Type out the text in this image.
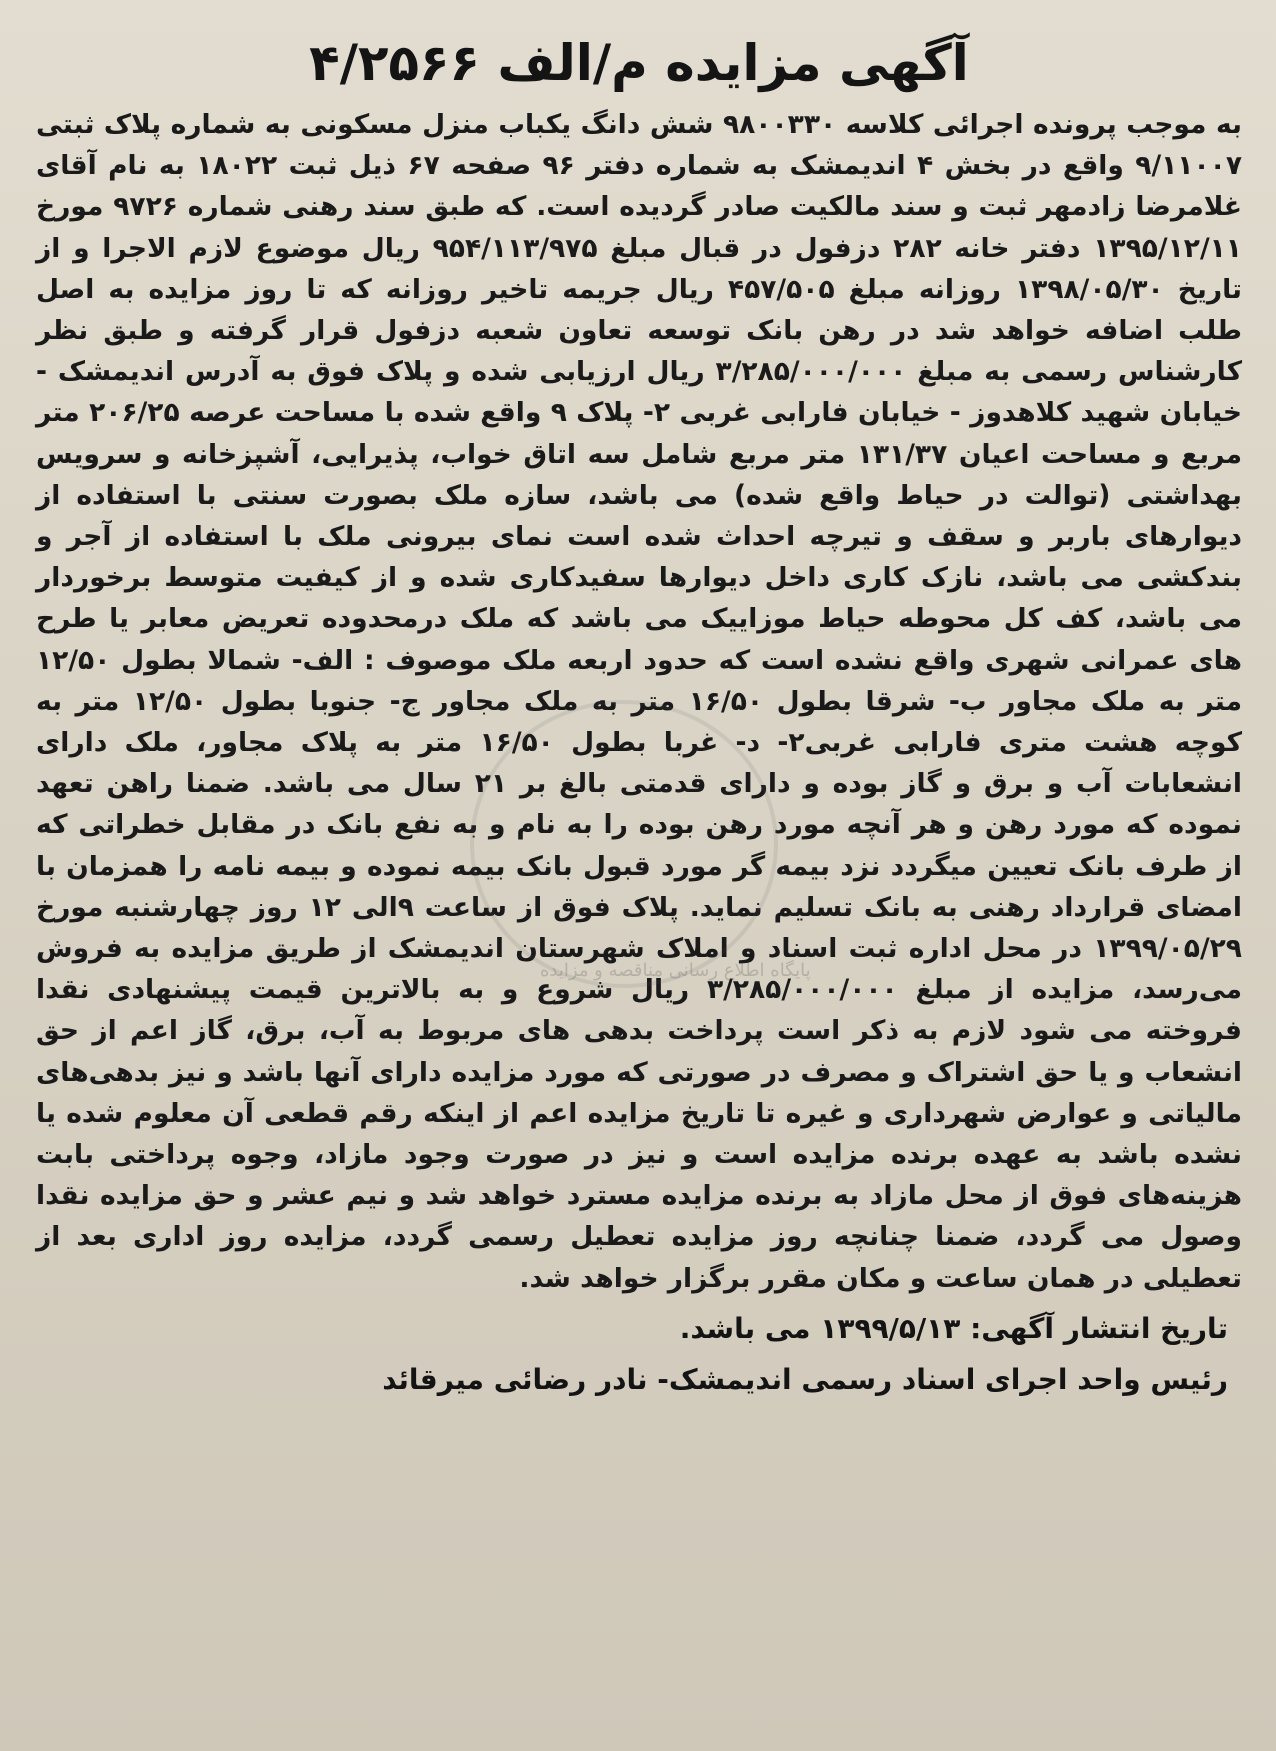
پایگاه اطلاع رسانی مناقصه و مزایده
آگهی مزایده م/الف ۴/۲۵۶۶

به موجب پرونده اجرائی کلاسه ۹۸۰۰۳۳۰ شش دانگ یکباب منزل مسکونی به شماره پلاک ثبتی ۹/۱۱۰۰۷ واقع در بخش ۴ اندیمشک به شماره دفتر ۹۶ صفحه ۶۷ ذیل ثبت ۱۸۰۲۲ به نام آقای غلامرضا زادمهر ثبت و سند مالکیت صادر گردیده است. که طبق سند رهنی شماره ۹۷۲۶ مورخ ۱۳۹۵/۱۲/۱۱ دفتر خانه ۲۸۲ دزفول در قبال مبلغ ۹۵۴/۱۱۳/۹۷۵ ریال موضوع لازم الاجرا و از تاریخ ۱۳۹۸/۰۵/۳۰ روزانه مبلغ ۴۵۷/۵۰۵ ریال جریمه تاخیر روزانه که تا روز مزایده به اصل طلب اضافه خواهد شد در رهن بانک توسعه تعاون شعبه دزفول قرار گرفته و طبق نظر کارشناس رسمی به مبلغ ۳/۲۸۵/۰۰۰/۰۰۰ ریال ارزیابی شده و پلاک فوق به آدرس اندیمشک - خیابان شهید کلاهدوز - خیابان فارابی غربی ۲- پلاک ۹ واقع شده با مساحت عرصه ۲۰۶/۲۵ متر مربع و مساحت اعیان ۱۳۱/۳۷ متر مربع شامل سه اتاق خواب، پذیرایی، آشپزخانه و سرویس بهداشتی (توالت در حیاط واقع شده) می باشد، سازه ملک بصورت سنتی با استفاده از دیوارهای باربر و سقف و تیرچه احداث شده است نمای بیرونی ملک با استفاده از آجر و بندکشی می باشد، نازک کاری داخل دیوارها سفیدکاری شده و از کیفیت متوسط برخوردار می باشد، کف کل محوطه حیاط موزاییک می باشد که ملک درمحدوده تعریض معابر یا طرح های عمرانی شهری واقع نشده است که حدود اربعه ملک موصوف : الف- شمالا بطول ۱۲/۵۰ متر به ملک مجاور ب- شرقا بطول ۱۶/۵۰ متر به ملک مجاور ج- جنوبا بطول ۱۲/۵۰ متر به کوچه هشت متری فارابی غربی۲- د- غربا بطول ۱۶/۵۰ متر به پلاک مجاور، ملک دارای انشعابات آب و برق و گاز بوده و دارای قدمتی بالغ بر ۲۱ سال می باشد. ضمنا راهن تعهد نموده که مورد رهن و هر آنچه مورد رهن بوده را به نام و به نفع بانک در مقابل خطراتی که از طرف بانک تعیین میگردد نزد بیمه گر مورد قبول بانک بیمه نموده و بیمه نامه را همزمان با امضای قرارداد رهنی به بانک تسلیم نماید. پلاک فوق از ساعت ۹الی ۱۲ روز چهارشنبه مورخ ۱۳۹۹/۰۵/۲۹ در محل اداره ثبت اسناد و املاک شهرستان اندیمشک از طریق مزایده به فروش می‌رسد، مزایده از مبلغ ۳/۲۸۵/۰۰۰/۰۰۰ ریال شروع و به بالاترین قیمت پیشنهادی نقدا فروخته می شود لازم به ذکر است پرداخت بدهی های مربوط به آب، برق، گاز اعم از حق انشعاب و یا حق اشتراک و مصرف در صورتی که مورد مزایده دارای آنها باشد و نیز بدهی‌های مالیاتی و عوارض شهرداری و غیره تا تاریخ مزایده اعم از اینکه رقم قطعی آن معلوم شده یا نشده باشد به عهده برنده مزایده است و نیز در صورت وجود مازاد، وجوه پرداختی بابت هزینه‌های فوق از محل مازاد به برنده مزایده مسترد خواهد شد و نیم عشر و حق مزایده نقدا وصول می گردد، ضمنا چنانچه روز مزایده تعطیل رسمی گردد، مزایده روز اداری بعد از تعطیلی در همان ساعت و مکان مقرر برگزار خواهد شد.

تاریخ انتشار آگهی: ۱۳۹۹/۵/۱۳ می باشد.
رئیس واحد اجرای اسناد رسمی اندیمشک- نادر رضائی میرقائد
